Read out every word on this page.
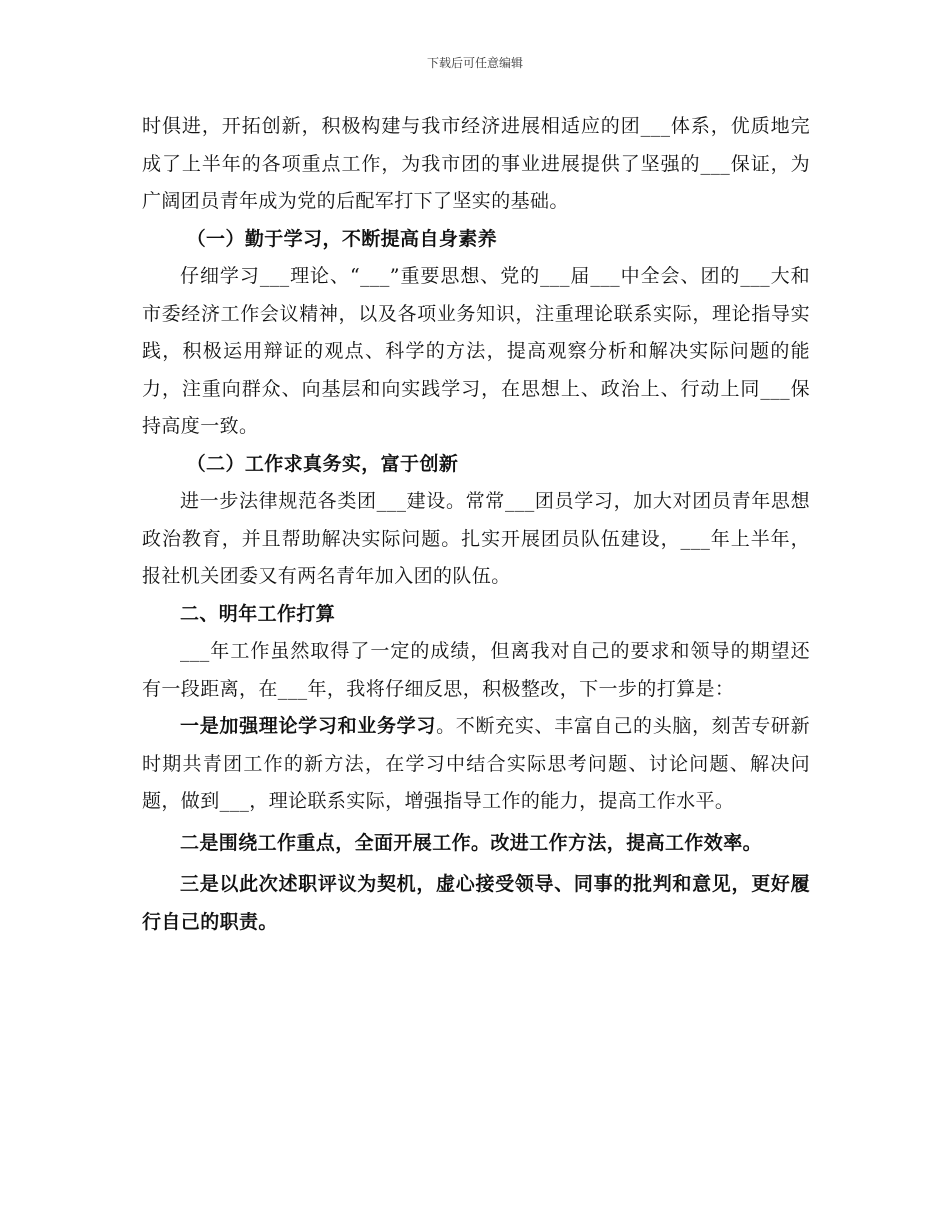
下载后可任意编辑

时俱进，开拓创新，积极构建与我市经济进展相适应的团___体系，优质地完成了上半年的各项重点工作，为我市团的事业进展提供了坚强的___保证，为广阔团员青年成为党的后配军打下了坚实的基础。

（一）勤于学习，不断提高自身素养

仔细学习___理论、“___”重要思想、党的___届___中全会、团的___大和市委经济工作会议精神，以及各项业务知识，注重理论联系实际，理论指导实践，积极运用辩证的观点、科学的方法，提高观察分析和解决实际问题的能力，注重向群众、向基层和向实践学习，在思想上、政治上、行动上同___保持高度一致。

（二）工作求真务实，富于创新

进一步法律规范各类团___建设。常常___团员学习，加大对团员青年思想政治教育，并且帮助解决实际问题。扎实开展团员队伍建设，___年上半年，报社机关团委又有两名青年加入团的队伍。

二、明年工作打算

___年工作虽然取得了一定的成绩，但离我对自己的要求和领导的期望还有一段距离，在___年，我将仔细反思，积极整改，下一步的打算是：

一是加强理论学习和业务学习。不断充实、丰富自己的头脑，刻苦专研新时期共青团工作的新方法，在学习中结合实际思考问题、讨论问题、解决问题，做到___，理论联系实际，增强指导工作的能力，提高工作水平。

二是围绕工作重点，全面开展工作。改进工作方法，提高工作效率。

三是以此次述职评议为契机，虚心接受领导、同事的批判和意见，更好履行自己的职责。
